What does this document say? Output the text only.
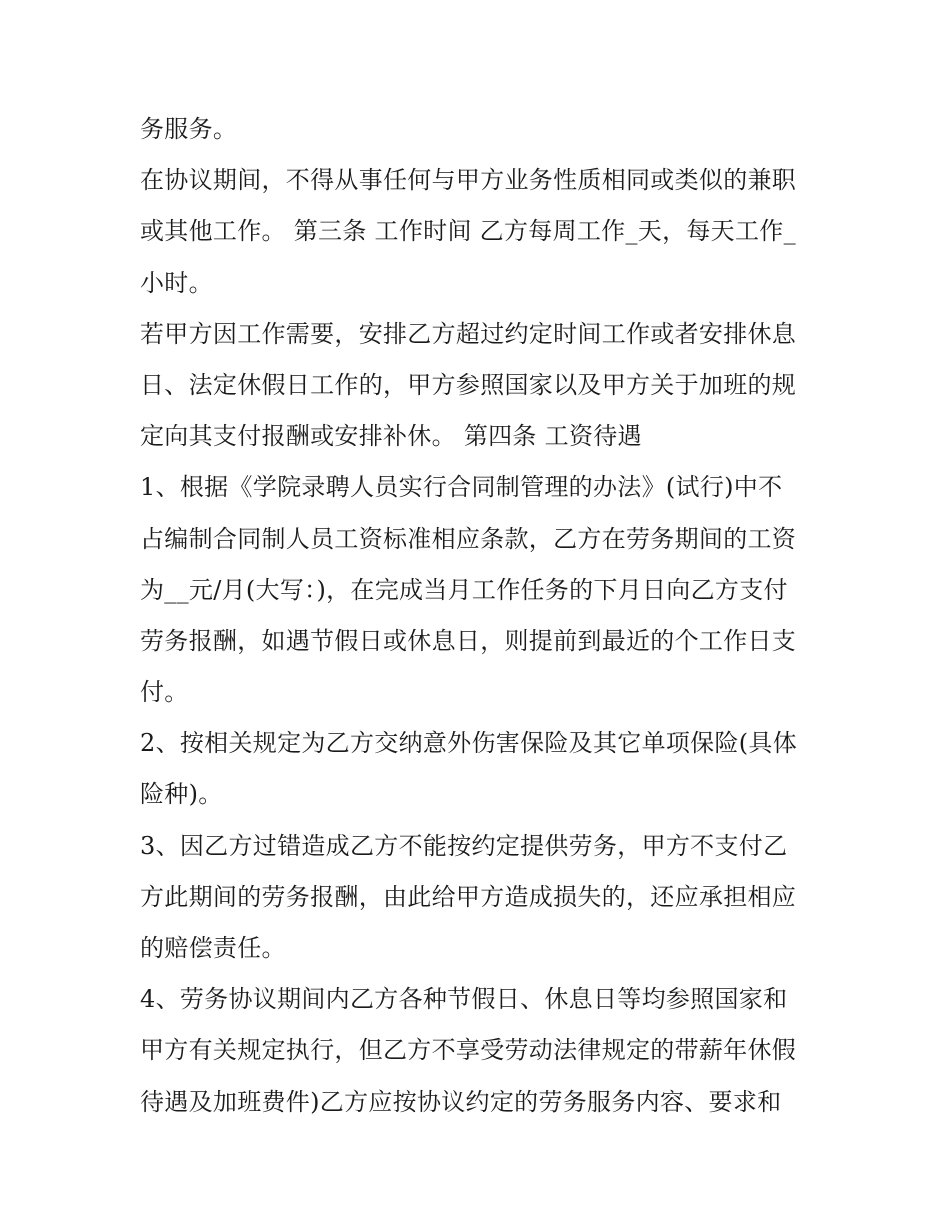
务服务。
在协议期间，不得从事任何与甲方业务性质相同或类似的兼职
或其他工作。 第三条 工作时间 乙方每周工作_天，每天工作_
小时。
若甲方因工作需要，安排乙方超过约定时间工作或者安排休息
日、法定休假日工作的，甲方参照国家以及甲方关于加班的规
定向其支付报酬或安排补休。 第四条 工资待遇
1、根据《学院录聘人员实行合同制管理的办法》(试行)中不
占编制合同制人员工资标准相应条款，乙方在劳务期间的工资
为__元/月(大写：)，在完成当月工作任务的下月日向乙方支付
劳务报酬，如遇节假日或休息日，则提前到最近的个工作日支
付。
2、按相关规定为乙方交纳意外伤害保险及其它单项保险(具体
险种)。
3、因乙方过错造成乙方不能按约定提供劳务，甲方不支付乙
方此期间的劳务报酬，由此给甲方造成损失的，还应承担相应
的赔偿责任。
4、劳务协议期间内乙方各种节假日、休息日等均参照国家和
甲方有关规定执行，但乙方不享受劳动法律规定的带薪年休假
待遇及加班费件)乙方应按协议约定的劳务服务内容、要求和
